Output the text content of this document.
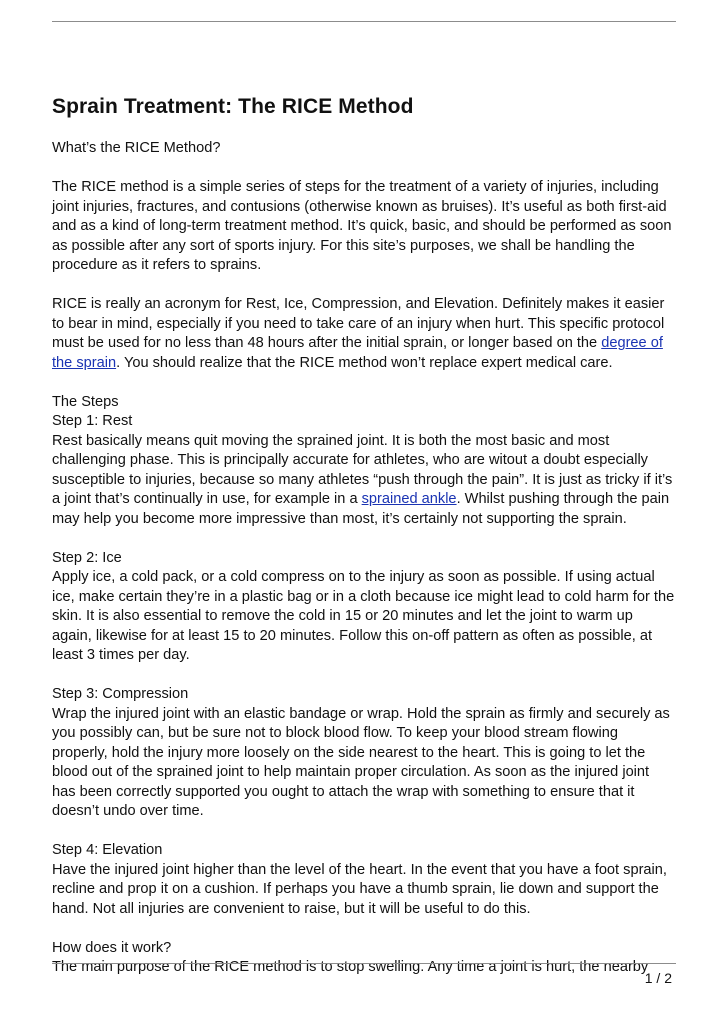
Sprain Treatment: The RICE Method

What’s the RICE Method?

The RICE method is a simple series of steps for the treatment of a variety of injuries, including joint injuries, fractures, and contusions (otherwise known as bruises). It’s useful as both first-aid and as a kind of long-term treatment method. It’s quick, basic, and should be performed as soon as possible after any sort of sports injury. For this site’s purposes, we shall be handling the procedure as it refers to sprains.

RICE is really an acronym for Rest, Ice, Compression, and Elevation. Definitely makes it easier to bear in mind, especially if you need to take care of an injury when hurt. This specific protocol must be used for no less than 48 hours after the initial sprain, or longer based on the degree of the sprain. You should realize that the RICE method won’t replace expert medical care.

The Steps

Step 1: Rest

Rest basically means quit moving the sprained joint. It is both the most basic and most challenging phase. This is principally accurate for athletes, who are witout a doubt especially susceptible to injuries, because so many athletes “push through the pain”. It is just as tricky if it’s a joint that’s continually in use, for example in a sprained ankle. Whilst pushing through the pain may help you become more impressive than most, it’s certainly not supporting the sprain.

Step 2: Ice

Apply ice, a cold pack, or a cold compress on to the injury as soon as possible. If using actual ice, make certain they’re in a plastic bag or in a cloth because ice might lead to cold harm for the skin. It is also essential to remove the cold in 15 or 20 minutes and let the joint to warm up again, likewise for at least 15 to 20 minutes. Follow this on-off pattern as often as possible, at least 3 times per day.

Step 3: Compression

Wrap the injured joint with an elastic bandage or wrap. Hold the sprain as firmly and securely as you possibly can, but be sure not to block blood flow. To keep your blood stream flowing properly, hold the injury more loosely on the side nearest to the heart. This is going to let the blood out of the sprained joint to help maintain proper circulation. As soon as the injured joint has been correctly supported you ought to attach the wrap with something to ensure that it doesn’t undo over time.

Step 4: Elevation

Have the injured joint higher than the level of the heart. In the event that you have a foot sprain, recline and prop it on a cushion. If perhaps you have a thumb sprain, lie down and support the hand. Not all injuries are convenient to raise, but it will be useful to do this.

How does it work?

The main purpose of the RICE method is to stop swelling. Any time a joint is hurt, the nearby

1 / 2
